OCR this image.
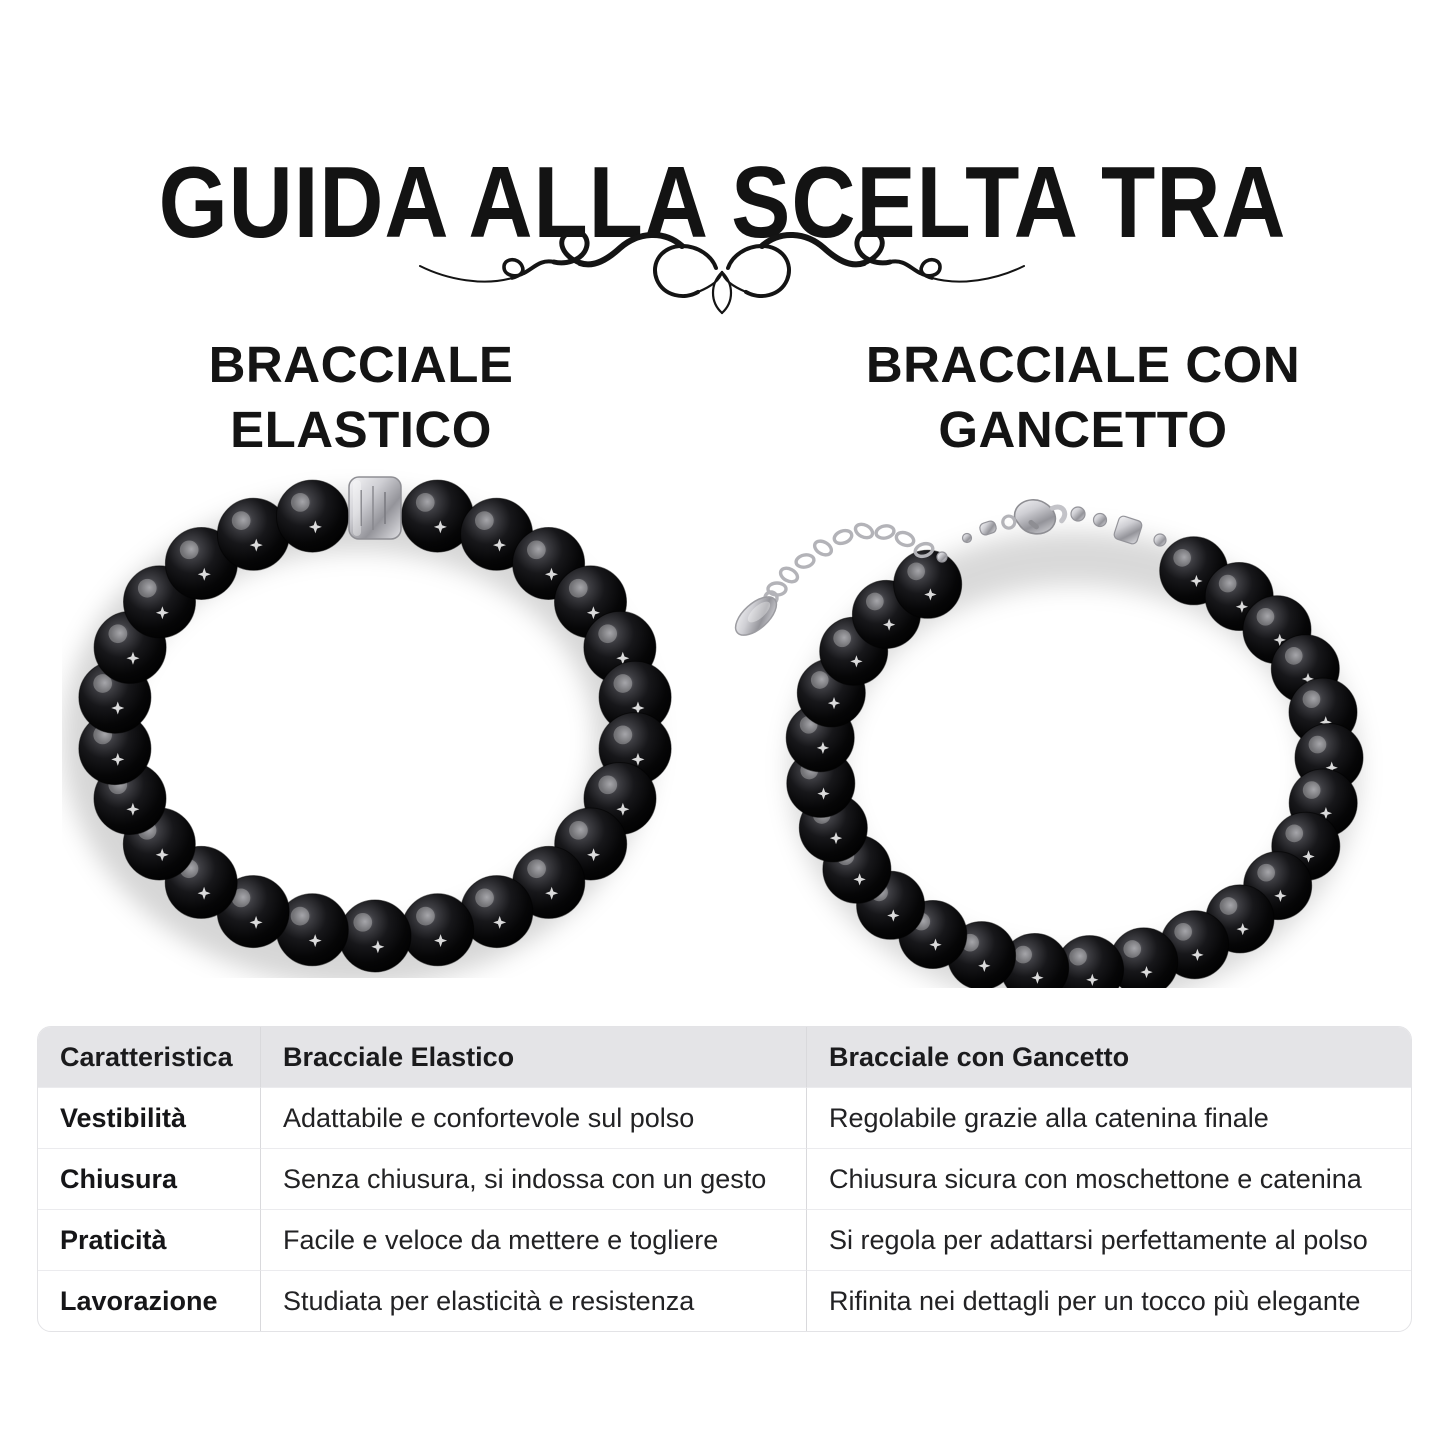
GUIDA ALLA SCELTA TRA
BRACCIALE
ELASTICO
BRACCIALE CON
GANCETTO
Caratteristica	Bracciale Elastico	Bracciale con Gancetto
Vestibilità	Adattabile e confortevole sul polso	Regolabile grazie alla catenina finale
Chiusura	Senza chiusura, si indossa con un gesto	Chiusura sicura con moschettone e catenina
Praticità	Facile e veloce da mettere e togliere	Si regola per adattarsi perfettamente al polso
Lavorazione	Studiata per elasticità e resistenza	Rifinita nei dettagli per un tocco più elegante
